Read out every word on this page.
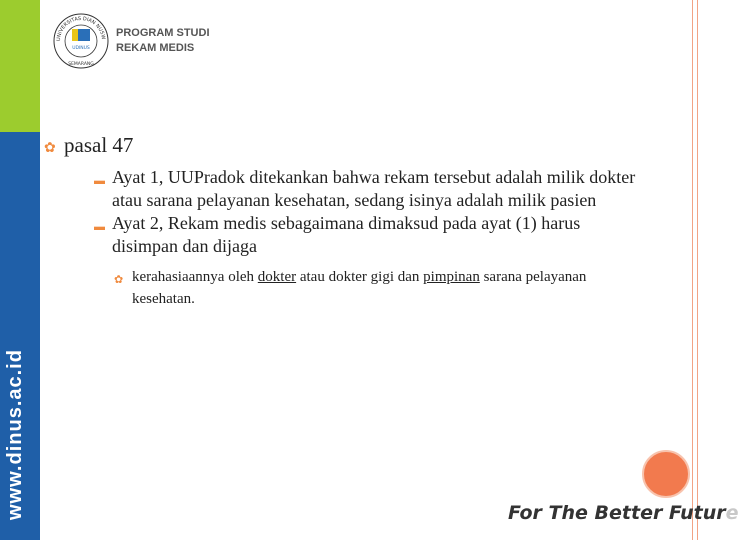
www.dinus.ac.id
UNIVERSITAS DIAN NUSW
UDINUS
SEMARANG
PROGRAM STUDI
REKAM MEDIS
✿ pasal 47
▬ Ayat 1, UUPradok ditekankan bahwa rekam tersebut adalah milik dokter atau sarana pelayanan kesehatan, sedang isinya adalah milik pasien
▬ Ayat 2, Rekam medis sebagaimana dimaksud pada ayat (1) harus disimpan dan dijaga
✿ kerahasiaannya oleh dokter atau dokter gigi dan pimpinan sarana pelayanan kesehatan.
For The Better Future
